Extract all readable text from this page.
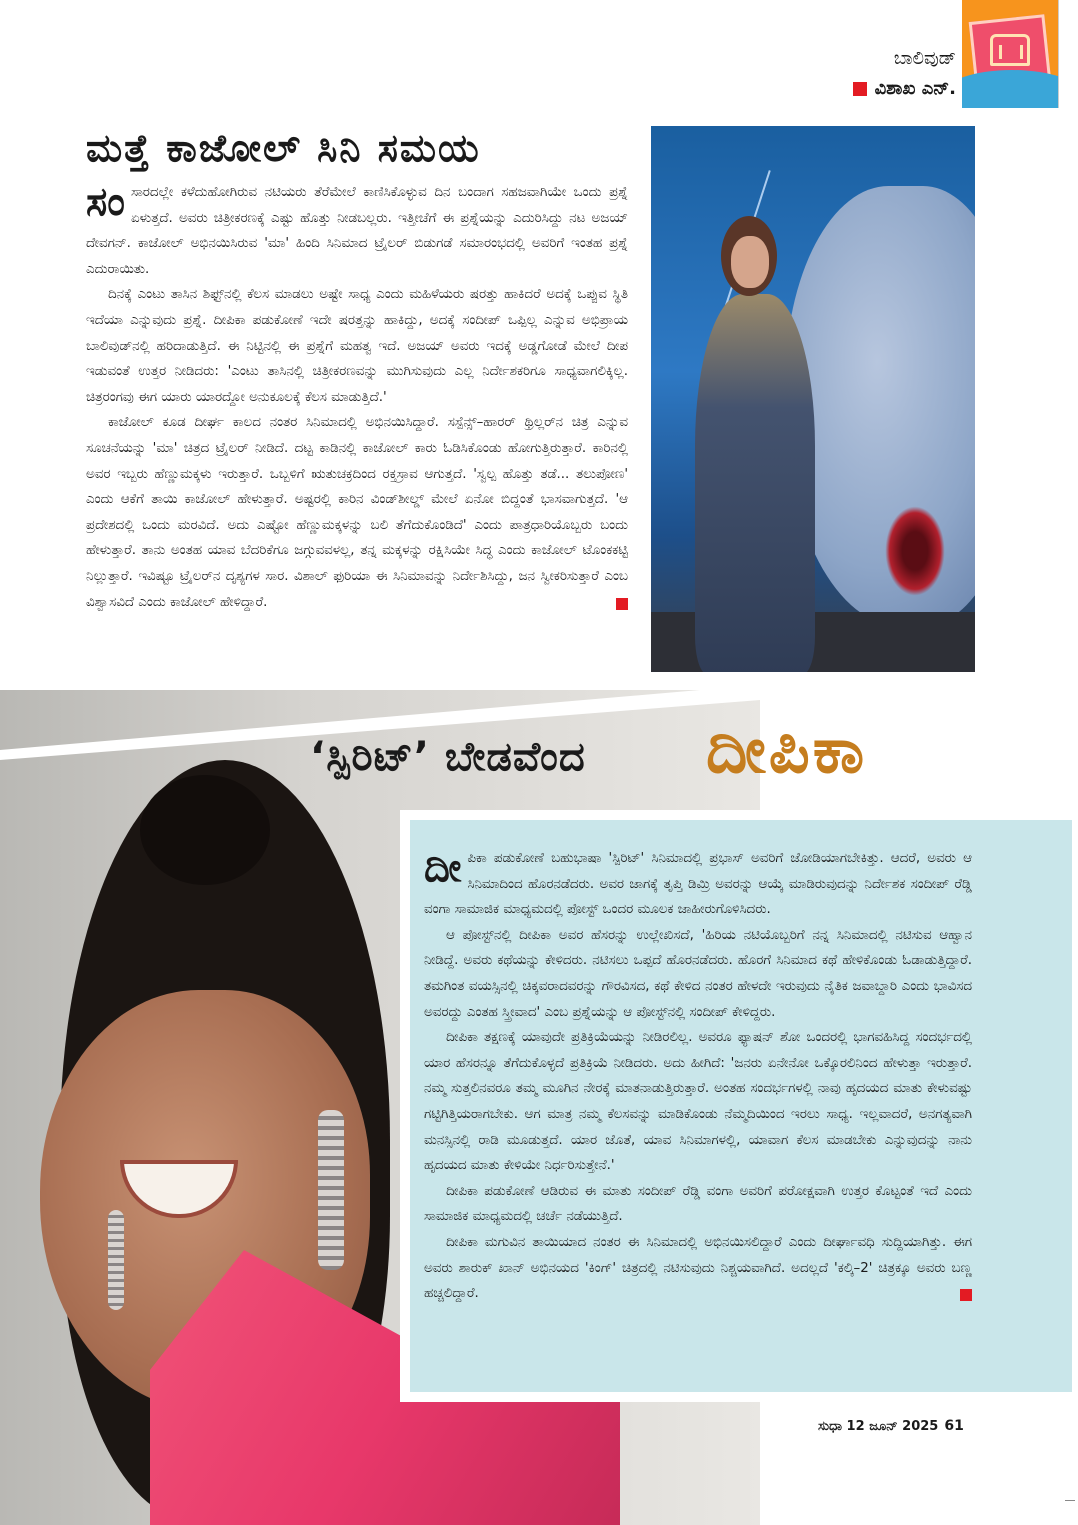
ಬಾಲಿವುಡ್
ವಿಶಾಖ ಎನ್.
ಮತ್ತೆ ಕಾಜೋಲ್ ಸಿನಿ ಸಮಯ

ಸಂಸಾರದಲ್ಲೇ ಕಳೆದುಹೋಗಿರುವ ನಟಿಯರು ತೆರೆಮೇಲೆ ಕಾಣಿಸಿಕೊಳ್ಳುವ ದಿನ ಬಂದಾಗ ಸಹಜವಾಗಿಯೇ ಒಂದು ಪ್ರಶ್ನೆ ಏಳುತ್ತದೆ. ಅವರು ಚಿತ್ರೀಕರಣಕ್ಕೆ ಎಷ್ಟು ಹೊತ್ತು ನೀಡಬಲ್ಲರು. ಇತ್ತೀಚೆಗೆ ಈ ಪ್ರಶ್ನೆಯನ್ನು ಎದುರಿಸಿದ್ದು ನಟ ಅಜಯ್ ದೇವಗನ್. ಕಾಜೋಲ್ ಅಭಿನಯಿಸಿರುವ 'ಮಾ' ಹಿಂದಿ ಸಿನಿಮಾದ ಟ್ರೈಲರ್ ಬಿಡುಗಡೆ ಸಮಾರಂಭದಲ್ಲಿ ಅವರಿಗೆ ಇಂತಹ ಪ್ರಶ್ನೆ ಎದುರಾಯಿತು.

ದಿನಕ್ಕೆ ಎಂಟು ತಾಸಿನ ಶಿಫ್ಟ್‌ನಲ್ಲಿ ಕೆಲಸ ಮಾಡಲು ಅಷ್ಟೇ ಸಾಧ್ಯ ಎಂದು ಮಹಿಳೆಯರು ಷರತ್ತು ಹಾಕಿದರೆ ಅದಕ್ಕೆ ಒಪ್ಪುವ ಸ್ಥಿತಿ ಇದೆಯಾ ಎನ್ನುವುದು ಪ್ರಶ್ನೆ. ದೀಪಿಕಾ ಪಡುಕೋಣೆ ಇದೇ ಷರತ್ತನ್ನು ಹಾಕಿದ್ದು, ಅದಕ್ಕೆ ಸಂದೀಪ್ ಒಪ್ಪಿಲ್ಲ ಎನ್ನುವ ಅಭಿಪ್ರಾಯ ಬಾಲಿವುಡ್‌ನಲ್ಲಿ ಹರಿದಾಡುತ್ತಿದೆ. ಈ ನಿಟ್ಟಿನಲ್ಲಿ ಈ ಪ್ರಶ್ನೆಗೆ ಮಹತ್ವ ಇದೆ. ಅಜಯ್ ಅವರು ಇದಕ್ಕೆ ಅಡ್ಡಗೋಡೆ ಮೇಲೆ ದೀಪ ಇಡುವಂತೆ ಉತ್ತರ ನೀಡಿದರು: 'ಎಂಟು ತಾಸಿನಲ್ಲಿ ಚಿತ್ರೀಕರಣವನ್ನು ಮುಗಿಸುವುದು ಎಲ್ಲ ನಿರ್ದೇಶಕರಿಗೂ ಸಾಧ್ಯವಾಗಲಿಕ್ಕಿಲ್ಲ. ಚಿತ್ರರಂಗವು ಈಗ ಯಾರು ಯಾರದ್ದೋ ಅನುಕೂಲಕ್ಕೆ ಕೆಲಸ ಮಾಡುತ್ತಿದೆ.'

ಕಾಜೋಲ್ ಕೂಡ ದೀರ್ಘ ಕಾಲದ ನಂತರ ಸಿನಿಮಾದಲ್ಲಿ ಅಭಿನಯಿಸಿದ್ದಾರೆ. ಸಸ್ಪೆನ್ಸ್–ಹಾರರ್ ಥ್ರಿಲ್ಲರ್‌ನ ಚಿತ್ರ ಎನ್ನುವ ಸೂಚನೆಯನ್ನು 'ಮಾ' ಚಿತ್ರದ ಟ್ರೈಲರ್ ನೀಡಿದೆ. ದಟ್ಟ ಕಾಡಿನಲ್ಲಿ ಕಾಜೋಲ್ ಕಾರು ಓಡಿಸಿಕೊಂಡು ಹೋಗುತ್ತಿರುತ್ತಾರೆ. ಕಾರಿನಲ್ಲಿ ಅವರ ಇಬ್ಬರು ಹೆಣ್ಣುಮಕ್ಕಳು ಇರುತ್ತಾರೆ. ಒಬ್ಬಳಿಗೆ ಋತುಚಕ್ರದಿಂದ ರಕ್ತಸ್ರಾವ ಆಗುತ್ತದೆ. 'ಸ್ವಲ್ಪ ಹೊತ್ತು ತಡೆ... ತಲುಪೋಣ' ಎಂದು ಆಕೆಗೆ ತಾಯಿ ಕಾಜೋಲ್ ಹೇಳುತ್ತಾರೆ. ಅಷ್ಟರಲ್ಲಿ ಕಾರಿನ ವಿಂಡ್‌ಶೀಲ್ಡ್ ಮೇಲೆ ಏನೋ ಬಿದ್ದಂತೆ ಭಾಸವಾಗುತ್ತದೆ. 'ಆ ಪ್ರದೇಶದಲ್ಲಿ ಒಂದು ಮರವಿದೆ. ಅದು ಎಷ್ಟೋ ಹೆಣ್ಣುಮಕ್ಕಳನ್ನು ಬಲಿ ತೆಗೆದುಕೊಂಡಿದೆ' ಎಂದು ಪಾತ್ರಧಾರಿಯೊಬ್ಬರು ಬಂದು ಹೇಳುತ್ತಾರೆ. ತಾನು ಅಂತಹ ಯಾವ ಬೆದರಿಕೆಗೂ ಜಗ್ಗುವವಳಲ್ಲ, ತನ್ನ ಮಕ್ಕಳನ್ನು ರಕ್ಷಿಸಿಯೇ ಸಿದ್ಧ ಎಂದು ಕಾಜೋಲ್ ಟೊಂಕಕಟ್ಟಿ ನಿಲ್ಲುತ್ತಾರೆ. ಇವಿಷ್ಟೂ ಟ್ರೈಲರ್‌ನ ದೃಶ್ಯಗಳ ಸಾರ. ವಿಶಾಲ್ ಫುರಿಯಾ ಈ ಸಿನಿಮಾವನ್ನು ನಿರ್ದೇಶಿಸಿದ್ದು, ಜನ ಸ್ವೀಕರಿಸುತ್ತಾರೆ ಎಂಬ ವಿಶ್ವಾಸವಿದೆ ಎಂದು ಕಾಜೋಲ್ ಹೇಳಿದ್ದಾರೆ.

‘ಸ್ಪಿರಿಟ್’ ಬೇಡವೆಂದ ದೀಪಿಕಾ

ದೀಪಿಕಾ ಪಡುಕೋಣೆ ಬಹುಭಾಷಾ 'ಸ್ಪಿರಿಟ್' ಸಿನಿಮಾದಲ್ಲಿ ಪ್ರಭಾಸ್ ಅವರಿಗೆ ಜೋಡಿಯಾಗಬೇಕಿತ್ತು. ಆದರೆ, ಅವರು ಆ ಸಿನಿಮಾದಿಂದ ಹೊರನಡೆದರು. ಅವರ ಜಾಗಕ್ಕೆ ತೃಪ್ತಿ ಡಿಮ್ರಿ ಅವರನ್ನು ಆಯ್ಕೆ ಮಾಡಿರುವುದನ್ನು ನಿರ್ದೇಶಕ ಸಂದೀಪ್ ರೆಡ್ಡಿ ವಂಗಾ ಸಾಮಾಜಿಕ ಮಾಧ್ಯಮದಲ್ಲಿ ಪೋಸ್ಟ್ ಒಂದರ ಮೂಲಕ ಜಾಹೀರುಗೊಳಿಸಿದರು.

ಆ ಪೋಸ್ಟ್‌ನಲ್ಲಿ ದೀಪಿಕಾ ಅವರ ಹೆಸರನ್ನು ಉಲ್ಲೇಖಿಸದೆ, 'ಹಿರಿಯ ನಟಿಯೊಬ್ಬರಿಗೆ ನನ್ನ ಸಿನಿಮಾದಲ್ಲಿ ನಟಿಸುವ ಆಹ್ವಾನ ನೀಡಿದ್ದೆ. ಅವರು ಕಥೆಯನ್ನು ಕೇಳಿದರು. ನಟಿಸಲು ಒಪ್ಪದೆ ಹೊರನಡೆದರು. ಹೊರಗೆ ಸಿನಿಮಾದ ಕಥೆ ಹೇಳಿಕೊಂಡು ಓಡಾಡುತ್ತಿದ್ದಾರೆ. ತಮಗಿಂತ ವಯಸ್ಸಿನಲ್ಲಿ ಚಿಕ್ಕವರಾದವರನ್ನು ಗೌರವಿಸದ, ಕಥೆ ಕೇಳಿದ ನಂತರ ಹೇಳದೇ ಇರುವುದು ನೈತಿಕ ಜವಾಬ್ದಾರಿ ಎಂದು ಭಾವಿಸದ ಅವರದ್ದು ಎಂತಹ ಸ್ತ್ರೀವಾದ' ಎಂಬ ಪ್ರಶ್ನೆಯನ್ನು ಆ ಪೋಸ್ಟ್‌ನಲ್ಲಿ ಸಂದೀಪ್ ಕೇಳಿದ್ದರು.

ದೀಪಿಕಾ ತಕ್ಷಣಕ್ಕೆ ಯಾವುದೇ ಪ್ರತಿಕ್ರಿಯೆಯನ್ನು ನೀಡಿರಲಿಲ್ಲ. ಅವರೂ ಫ್ಯಾಷನ್ ಶೋ ಒಂದರಲ್ಲಿ ಭಾಗವಹಿಸಿದ್ದ ಸಂದರ್ಭದಲ್ಲಿ ಯಾರ ಹೆಸರನ್ನೂ ತೆಗೆದುಕೊಳ್ಳದೆ ಪ್ರತಿಕ್ರಿಯೆ ನೀಡಿದರು. ಅದು ಹೀಗಿದೆ: 'ಜನರು ಏನೇನೋ ಒಕ್ಕೊರಲಿನಿಂದ ಹೇಳುತ್ತಾ ಇರುತ್ತಾರೆ. ನಮ್ಮ ಸುತ್ತಲಿನವರೂ ತಮ್ಮ ಮೂಗಿನ ನೇರಕ್ಕೆ ಮಾತನಾಡುತ್ತಿರುತ್ತಾರೆ. ಅಂತಹ ಸಂದರ್ಭಗಳಲ್ಲಿ ನಾವು ಹೃದಯದ ಮಾತು ಕೇಳುವಷ್ಟು ಗಟ್ಟಿಗಿತ್ತಿಯರಾಗಬೇಕು. ಆಗ ಮಾತ್ರ ನಮ್ಮ ಕೆಲಸವನ್ನು ಮಾಡಿಕೊಂಡು ನೆಮ್ಮದಿಯಿಂದ ಇರಲು ಸಾಧ್ಯ. ಇಲ್ಲವಾದರೆ, ಅನಗತ್ಯವಾಗಿ ಮನಸ್ಸಿನಲ್ಲಿ ರಾಡಿ ಮೂಡುತ್ತದೆ. ಯಾರ ಜೊತೆ, ಯಾವ ಸಿನಿಮಾಗಳಲ್ಲಿ, ಯಾವಾಗ ಕೆಲಸ ಮಾಡಬೇಕು ಎನ್ನುವುದನ್ನು ನಾನು ಹೃದಯದ ಮಾತು ಕೇಳಿಯೇ ನಿರ್ಧರಿಸುತ್ತೇನೆ.'

ದೀಪಿಕಾ ಪಡುಕೋಣೆ ಆಡಿರುವ ಈ ಮಾತು ಸಂದೀಪ್ ರೆಡ್ಡಿ ವಂಗಾ ಅವರಿಗೆ ಪರೋಕ್ಷವಾಗಿ ಉತ್ತರ ಕೊಟ್ಟಂತೆ ಇದೆ ಎಂದು ಸಾಮಾಜಿಕ ಮಾಧ್ಯಮದಲ್ಲಿ ಚರ್ಚೆ ನಡೆಯುತ್ತಿದೆ.

ದೀಪಿಕಾ ಮಗುವಿನ ತಾಯಿಯಾದ ನಂತರ ಈ ಸಿನಿಮಾದಲ್ಲಿ ಅಭಿನಯಿಸಲಿದ್ದಾರೆ ಎಂದು ದೀರ್ಘಾವಧಿ ಸುದ್ದಿಯಾಗಿತ್ತು. ಈಗ ಅವರು ಶಾರುಕ್ ಖಾನ್ ಅಭಿನಯದ 'ಕಿಂಗ್' ಚಿತ್ರದಲ್ಲಿ ನಟಿಸುವುದು ನಿಶ್ಚಯವಾಗಿದೆ. ಅದಲ್ಲದೆ 'ಕಲ್ಕಿ–2' ಚಿತ್ರಕ್ಕೂ ಅವರು ಬಣ್ಣ ಹಚ್ಚಲಿದ್ದಾರೆ.

ಸುಧಾ 12 ಜೂನ್ 2025 61
